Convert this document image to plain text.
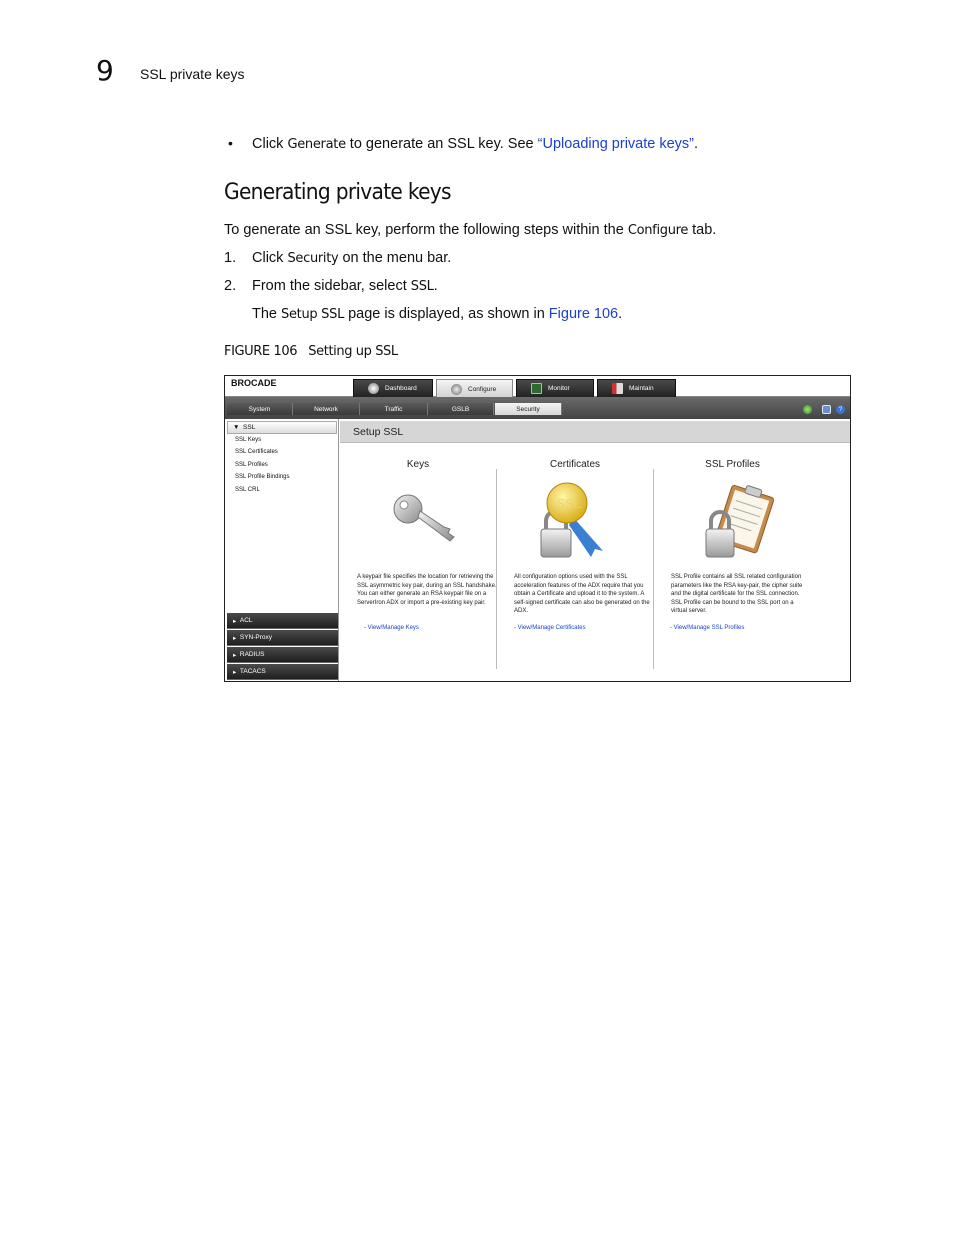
9 SSL private keys
• Click Generate to generate an SSL key. See “Uploading private keys”.
Generating private keys
To generate an SSL key, perform the following steps within the Configure tab.
1. Click Security on the menu bar.
2. From the sidebar, select SSL.
The Setup SSL page is displayed, as shown in Figure 106.
FIGURE 106 Setting up SSL
BROCADE
Dashboard	Configure	Monitor	Maintain
System	Network	Traffic	GSLB	Security	?
▼ SSL
SSL Keys
SSL Certificates
SSL Profiles
SSL Profile Bindings
SSL CRL
▸ ACL
▸ SYN-Proxy
▸ RADIUS
▸ TACACS
Setup SSL
Keys
A keypair file specifies the location for retrieving the SSL asymmetric key pair, during an SSL handshake. You can either generate an RSA keypair file on a ServerIron ADX or import a pre-existing key pair.
- View/Manage Keys
Certificates
SSL
All configuration options used with the SSL acceleration features of the ADX require that you obtain a Certificate and upload it to the system. A self-signed certificate can also be generated on the ADX.
- View/Manage Certificates
SSL Profiles
SSL Profile contains all SSL related configuration parameters like the RSA key-pair, the cipher suite and the digital certificate for the SSL connection. SSL Profile can be bound to the SSL port on a virtual server.
- View/Manage SSL Profiles
